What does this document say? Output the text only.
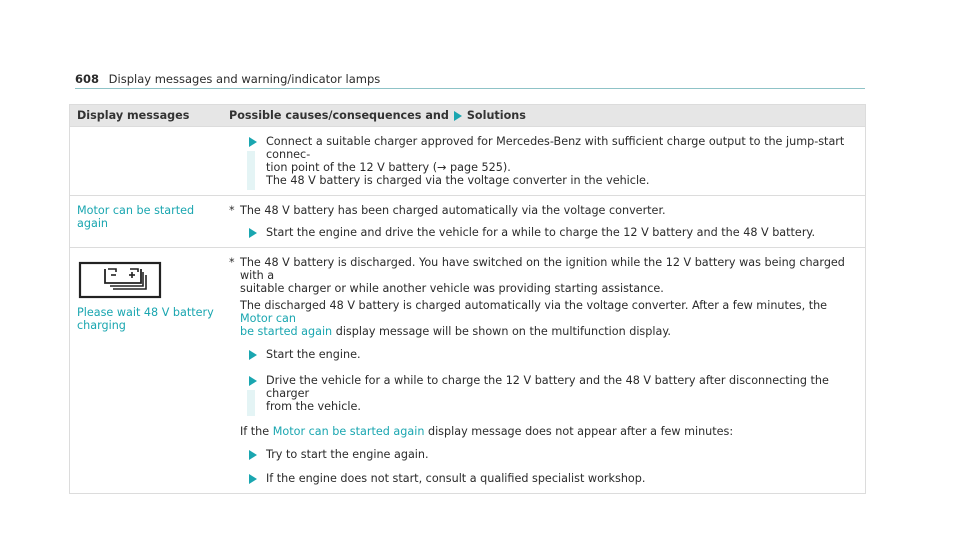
608 Display messages and warning/indicator lamps
Display messages	Possible causes/consequences and Solutions
Connect a suitable charger approved for Mercedes-Benz with sufficient charge output to the jump-start connec-
tion point of the 12 V battery (→ page 525).
The 48 V battery is charged via the voltage converter in the vehicle.
Motor can be started again
* The 48 V battery has been charged automatically via the voltage converter.
Start the engine and drive the vehicle for a while to charge the 12 V battery and the 48 V battery.
Please wait 48 V battery charging
* The 48 V battery is discharged. You have switched on the ignition while the 12 V battery was being charged with a
suitable charger or while another vehicle was providing starting assistance.

The discharged 48 V battery is charged automatically via the voltage converter. After a few minutes, the Motor can
be started again display message will be shown on the multifunction display.

Start the engine.
Drive the vehicle for a while to charge the 12 V battery and the 48 V battery after disconnecting the charger
from the vehicle.

If the Motor can be started again display message does not appear after a few minutes:

Try to start the engine again.
If the engine does not start, consult a qualified specialist workshop.
